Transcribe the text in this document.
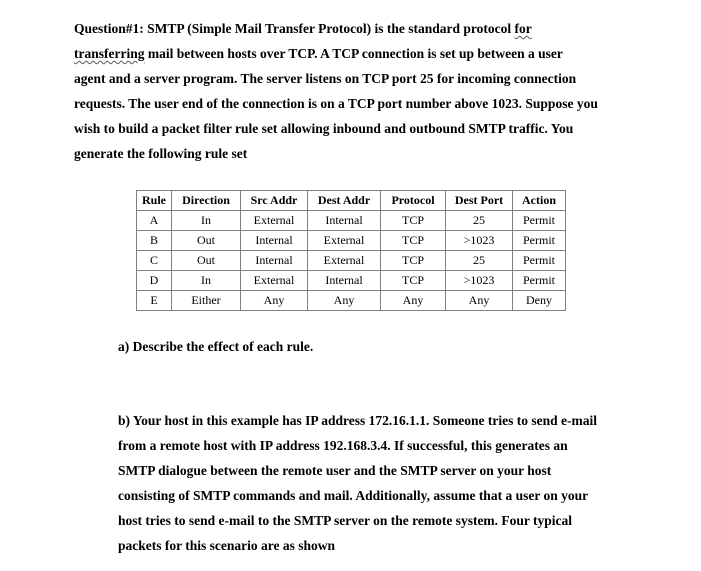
Question#1: SMTP (Simple Mail Transfer Protocol) is the standard protocol for
transferring mail between hosts over TCP. A TCP connection is set up between a user
agent and a server program. The server listens on TCP port 25 for incoming connection
requests. The user end of the connection is on a TCP port number above 1023. Suppose you
wish to build a packet filter rule set allowing inbound and outbound SMTP traffic. You
generate the following rule set
Rule	Direction	Src Addr	Dest Addr	Protocol	Dest Port	Action
A	In	External	Internal	TCP	25	Permit
B	Out	Internal	External	TCP	>1023	Permit
C	Out	Internal	External	TCP	25	Permit
D	In	External	Internal	TCP	>1023	Permit
E	Either	Any	Any	Any	Any	Deny
a) Describe the effect of each rule.
b) Your host in this example has IP address 172.16.1.1. Someone tries to send e-mail
from a remote host with IP address 192.168.3.4. If successful, this generates an
SMTP dialogue between the remote user and the SMTP server on your host
consisting of SMTP commands and mail. Additionally, assume that a user on your
host tries to send e-mail to the SMTP server on the remote system. Four typical
packets for this scenario are as shown
